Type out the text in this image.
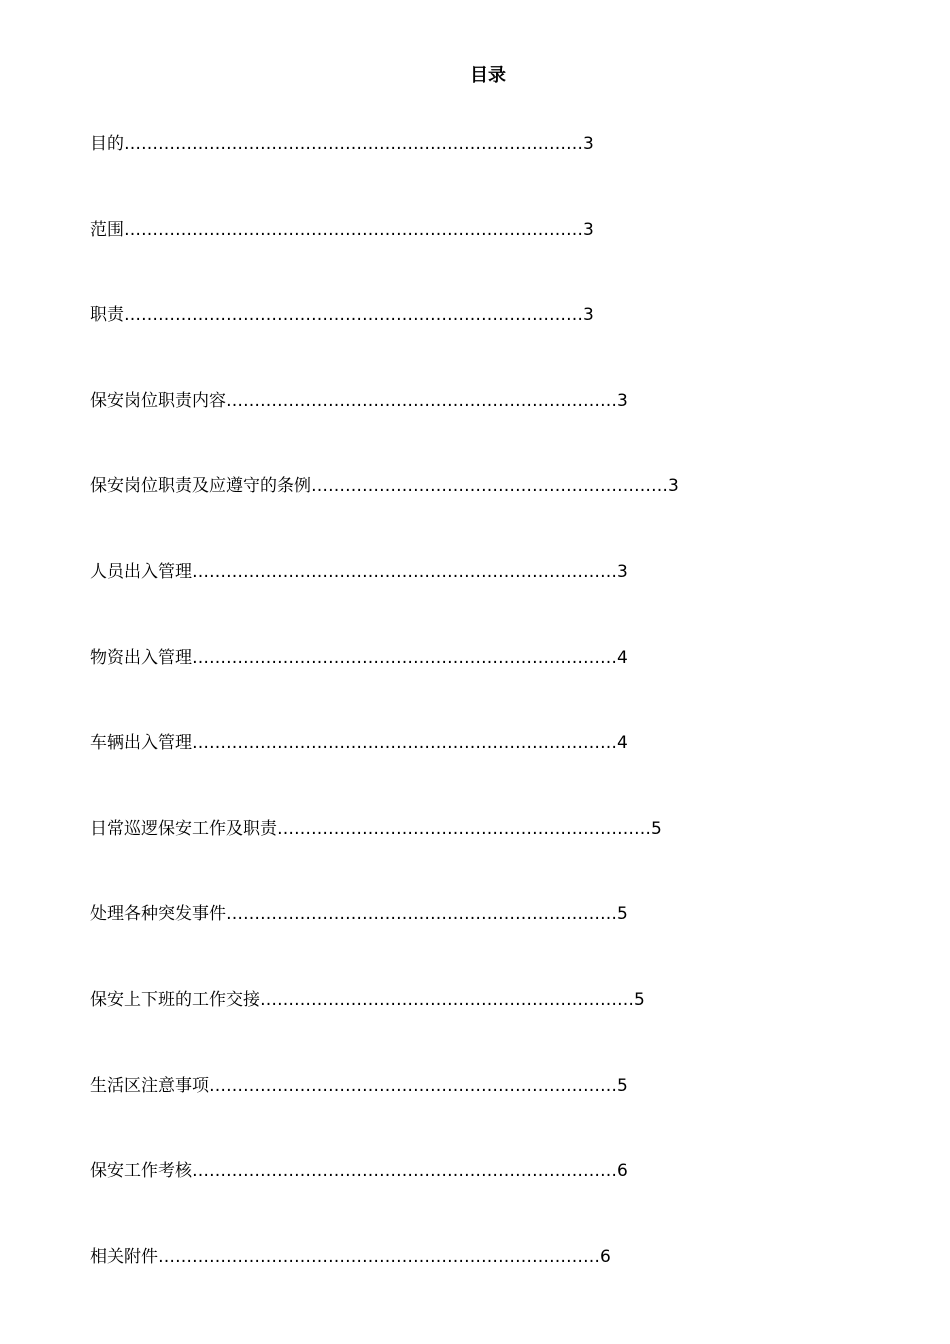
目录
目的………………………………………………………………………3
范围………………………………………………………………………3
职责………………………………………………………………………3
保安岗位职责内容……………………………………………………………3
保安岗位职责及应遵守的条例………………………………………………………3
人员出入管理…………………………………………………………………3
物资出入管理…………………………………………………………………4
车辆出入管理…………………………………………………………………4
日常巡逻保安工作及职责…………………………………………………………5
处理各种突发事件……………………………………………………………5
保安上下班的工作交接…………………………………………………………5
生活区注意事项………………………………………………………………5
保安工作考核…………………………………………………………………6
相关附件……………………………………………………………………6
